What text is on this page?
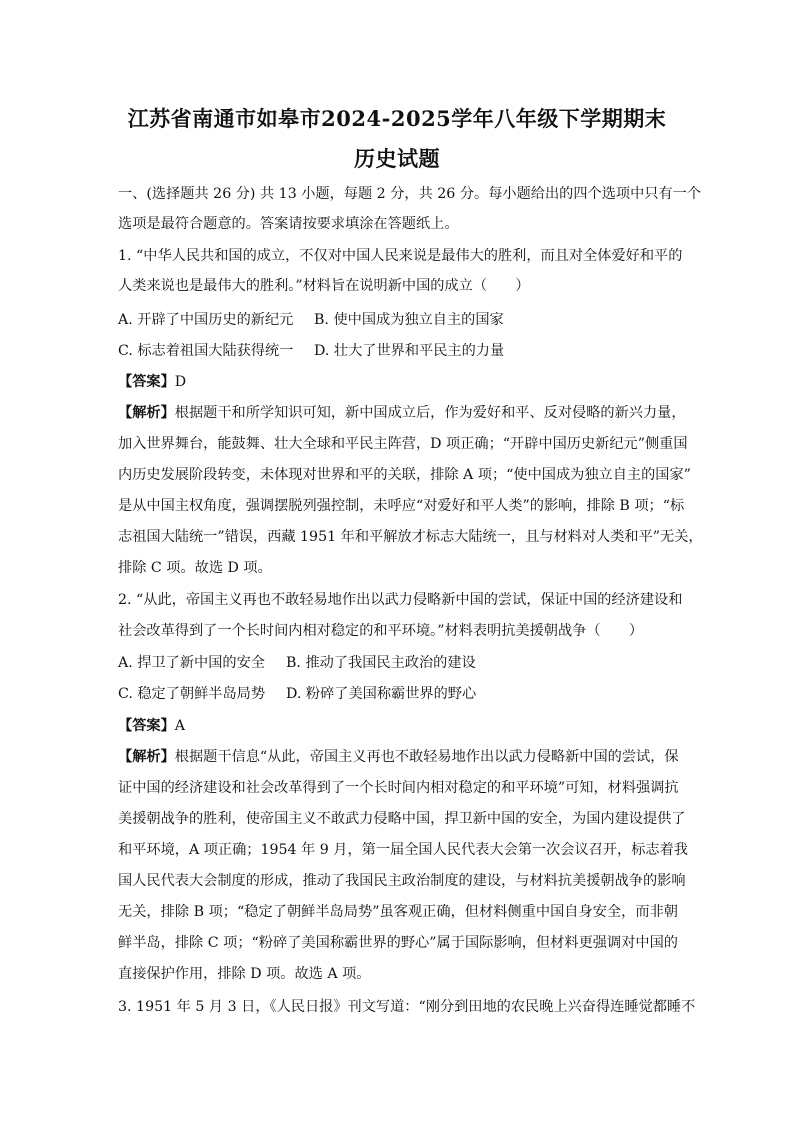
江苏省南通市如皋市2024-2025学年八年级下学期期末
历史试题
一、(选择题共 26 分) 共 13 小题，每题 2 分，共 26 分。每小题给出的四个选项中只有一个
选项是最符合题意的。答案请按要求填涂在答题纸上。
1. “中华人民共和国的成立，不仅对中国人民来说是最伟大的胜利，而且对全体爱好和平的
人类来说也是最伟大的胜利。”材料旨在说明新中国的成立（　　）
A. 开辟了中国历史的新纪元 B. 使中国成为独立自主的国家
C. 标志着祖国大陆获得统一 D. 壮大了世界和平民主的力量
【答案】D
【解析】根据题干和所学知识可知，新中国成立后，作为爱好和平、反对侵略的新兴力量，
加入世界舞台，能鼓舞、壮大全球和平民主阵营，D 项正确；“开辟中国历史新纪元”侧重国
内历史发展阶段转变，未体现对世界和平的关联，排除 A 项；“使中国成为独立自主的国家”
是从中国主权角度，强调摆脱列强控制，未呼应“对爱好和平人类”的影响，排除 B 项；“标
志祖国大陆统一”错误，西藏 1951 年和平解放才标志大陆统一，且与材料对人类和平”无关，
排除 C 项。故选 D 项。
2. “从此，帝国主义再也不敢轻易地作出以武力侵略新中国的尝试，保证中国的经济建设和
社会改革得到了一个长时间内相对稳定的和平环境。”材料表明抗美援朝战争（　　）
A. 捍卫了新中国的安全 B. 推动了我国民主政治的建设
C. 稳定了朝鲜半岛局势 D. 粉碎了美国称霸世界的野心
【答案】A
【解析】根据题干信息“从此，帝国主义再也不敢轻易地作出以武力侵略新中国的尝试，保
证中国的经济建设和社会改革得到了一个长时间内相对稳定的和平环境”可知，材料强调抗
美援朝战争的胜利，使帝国主义不敢武力侵略中国，捍卫新中国的安全，为国内建设提供了
和平环境，A 项正确；1954 年 9 月，第一届全国人民代表大会第一次会议召开，标志着我
国人民代表大会制度的形成，推动了我国民主政治制度的建设，与材料抗美援朝战争的影响
无关，排除 B 项；“稳定了朝鲜半岛局势”虽客观正确，但材料侧重中国自身安全，而非朝
鲜半岛，排除 C 项；“粉碎了美国称霸世界的野心”属于国际影响，但材料更强调对中国的
直接保护作用，排除 D 项。故选 A 项。
3. 1951 年 5 月 3 日，《人民日报》刊文写道：“刚分到田地的农民晚上兴奋得连睡觉都睡不
